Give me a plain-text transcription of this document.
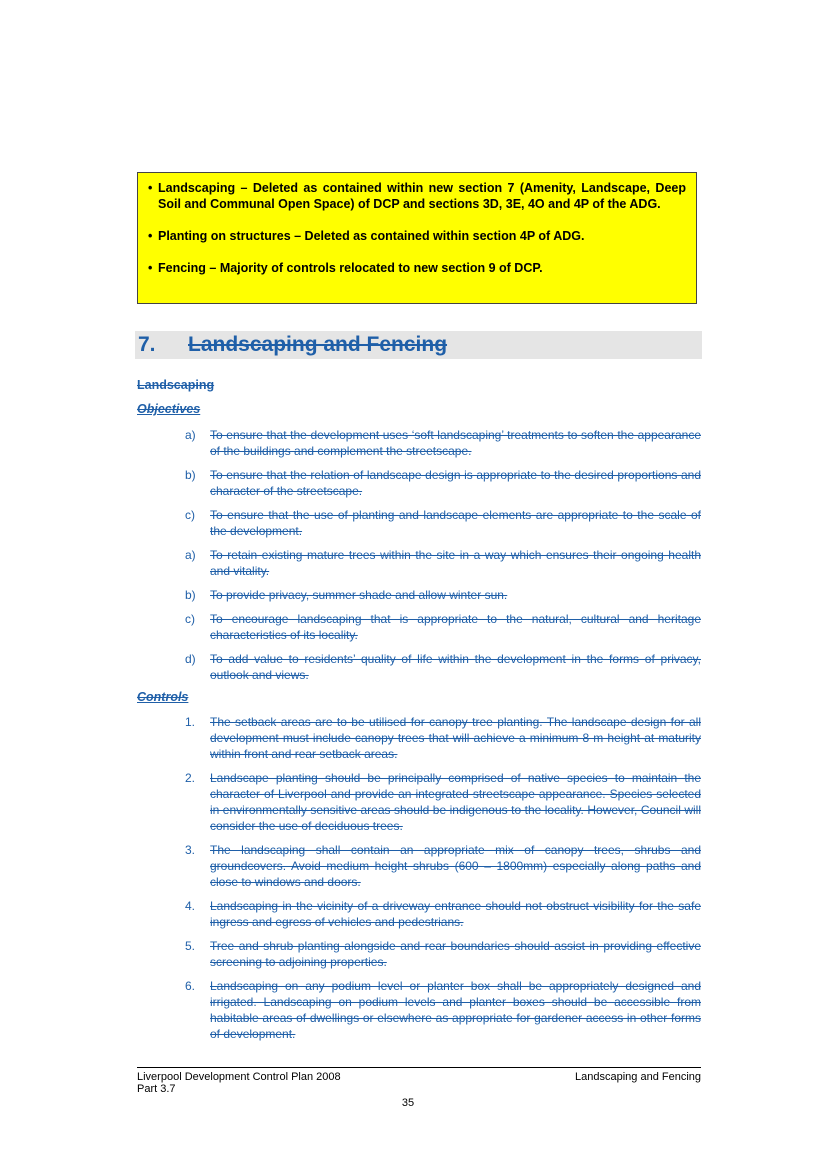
• Landscaping – Deleted as contained within new section 7 (Amenity, Landscape, Deep Soil and Communal Open Space) of DCP and sections 3D, 3E, 4O and 4P of the ADG.
• Planting on structures – Deleted as contained within section 4P of ADG.
• Fencing – Majority of controls relocated to new section 9 of DCP.
7. Landscaping and Fencing
Landscaping
Objectives
a) To ensure that the development uses ‘soft landscaping’ treatments to soften the appearance of the buildings and complement the streetscape.
b) To ensure that the relation of landscape design is appropriate to the desired proportions and character of the streetscape.
c) To ensure that the use of planting and landscape elements are appropriate to the scale of the development.
a) To retain existing mature trees within the site in a way which ensures their ongoing health and vitality.
b) To provide privacy, summer shade and allow winter sun.
c) To encourage landscaping that is appropriate to the natural, cultural and heritage characteristics of its locality.
d) To add value to residents’ quality of life within the development in the forms of privacy, outlook and views.
Controls
1. The setback areas are to be utilised for canopy tree planting. The landscape design for all development must include canopy trees that will achieve a minimum 8 m height at maturity within front and rear setback areas.
2. Landscape planting should be principally comprised of native species to maintain the character of Liverpool and provide an integrated streetscape appearance. Species selected in environmentally sensitive areas should be indigenous to the locality. However, Council will consider the use of deciduous trees.
3. The landscaping shall contain an appropriate mix of canopy trees, shrubs and groundcovers. Avoid medium height shrubs (600 – 1800mm) especially along paths and close to windows and doors.
4. Landscaping in the vicinity of a driveway entrance should not obstruct visibility for the safe ingress and egress of vehicles and pedestrians.
5. Tree and shrub planting alongside and rear boundaries should assist in providing effective screening to adjoining properties.
6. Landscaping on any podium level or planter box shall be appropriately designed and irrigated. Landscaping on podium levels and planter boxes should be accessible from habitable areas of dwellings or elsewhere as appropriate for gardener access in other forms of development.
Liverpool Development Control Plan 2008
Part 3.7
Landscaping and Fencing
35
